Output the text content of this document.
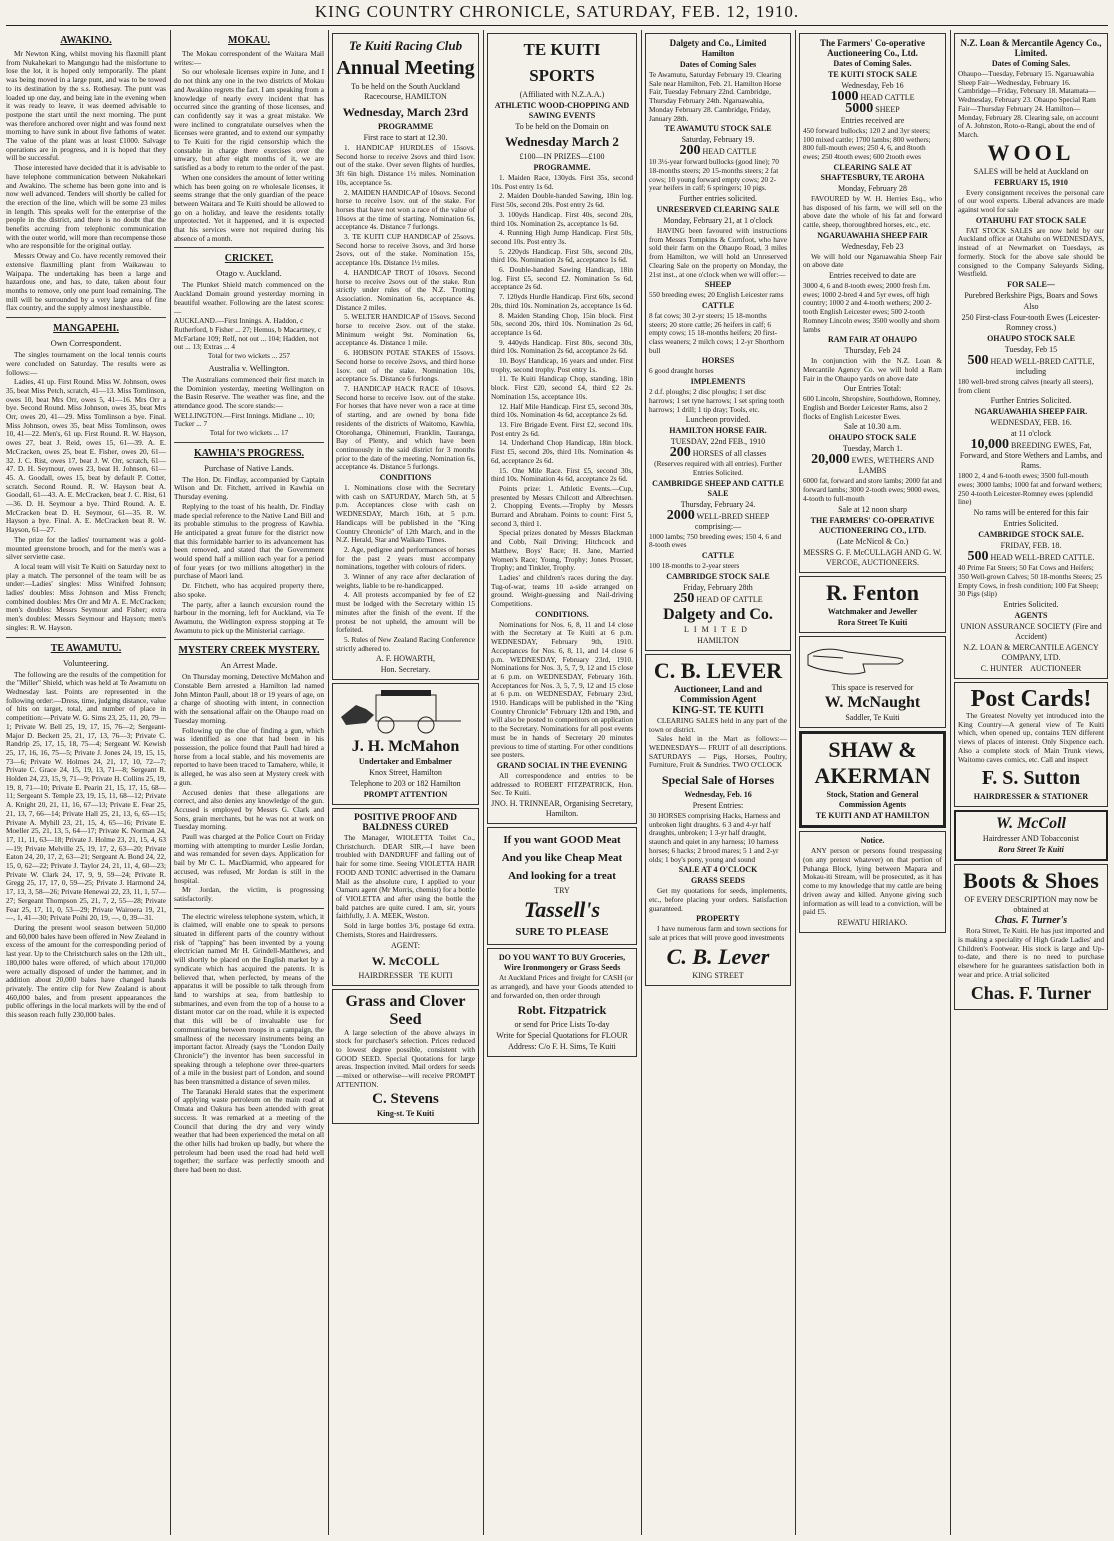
KING COUNTRY CHRONICLE, SATURDAY, FEB. 12, 1910.
AWAKINO.

Mr Newton King, whilst moving his flaxmill plant from Nukahekari to Mangungu had the misfortune to lose the lot, it is hoped only temporarily. The plant was being moved in a large punt, and was to be towed to its destination by the s.s. Rothesay. The punt was loaded up one day, and being late in the evening when it was ready to leave, it was deemed advisable to postpone the start until the next morning. The punt was therefore anchored over night and was found next morning to have sunk in about five fathoms of water. The value of the plant was at least £1000. Salvage operations are in progress, and it is hoped that they will be successful.

Those interested have decided that it is advisable to have telephone communication between Nukahekari and Awakino. The scheme has been gone into and is now well advanced. Tenders will shortly be called for the erection of the line, which will be some 23 miles in length. This speaks well for the enterprise of the people in the district, and there is no doubt that the benefits accruing from telephonic communication with the outer world, will more than recompense those who are responsible for the original outlay.

Messrs Otway and Co. have recently removed their extensive flaxmilling plant from Waikawau to Waipapa. The undertaking has been a large and hazardous one, and has, to date, taken about four months to remove, only one punt load remaining. The mill will be surrounded by a very large area of fine flax country, and the supply almost inexhaustible.

MANGAPEHI.
Own Correspondent.

The singles tournament on the local tennis courts were concluded on Saturday. The results were as follows:—

Ladies, 41 up. First Round. Miss W. Johnson, owes 35, beat Miss Petch, scratch, 41—13. Miss Tomlinson, owes 10, beat Mrs Orr, owes 5, 41—16. Mrs Orr a bye. Second Round. Miss Johnson, owes 35, beat Mrs Orr, owes 20, 41—29. Miss Tomlinson a bye. Final. Miss Johnson, owes 35, beat Miss Tomlinson, owes 10, 41—22. Men's, 61 up. First Round. R. W. Hayson, owes 27, beat J. Reid, owes 15, 61—39. A. E. McCracken, owes 25, beat E. Fisher, owes 20, 61—32. J. C. Rist, owes 17, beat J. W. Orr, scratch, 61—47. D. H. Seymour, owes 23, beat H. Johnson, 61—45. A. Goodall, owes 15, beat by default P. Cotter, scratch. Second Round. R. W. Hayson beat A. Goodall, 61—43. A. E. McCracken, beat J. C. Rist, 61—36. D. H. Seymour a bye. Third Round. A. E. McCracken beat D. H. Seymour, 61—35. R. W. Hayson a bye. Final. A. E. McCracken beat R. W. Hayson, 61—27.

The prize for the ladies' tournament was a gold-mounted greenstone brooch, and for the men's was a silver serviette case.

A local team will visit Te Kuiti on Saturday next to play a match. The personnel of the team will be as under:—Ladies' singles: Miss Winifred Johnson; ladies' doubles: Miss Johnson and Miss French; combined doubles: Mrs Orr and Mr A. E. McCracken; men's doubles: Messrs Seymour and Fisher; extra men's doubles: Messrs Seymour and Hayson; men's singles: R. W. Hayson.

TE AWAMUTU.
Volunteering.

The following are the results of the competition for the "Miller" Shield, which was held at Te Awamutu on Wednesday last. Points are represented in the following order:—Dress, time, judging distance, value of hits on target, total, and number of place in competition:—Private W. G. Sims 23, 25, 11, 20, 79—1; Private W. Bell 25, 19, 17, 15, 76—2; Sergeant-Major D. Beckett 25, 21, 17, 13, 76—3; Private C. Randrip 25, 17, 15, 18, 75—4; Sergeant W. Kewish 25, 17, 16, 16, 75—5; Private J. Jones 24, 19, 15, 15, 73—6; Private W. Holmes 24, 21, 17, 10, 72—7; Private C. Grace 24, 15, 19, 13, 71—8; Sergeant R. Holden 24, 23, 15, 9, 71—9; Private H. Collins 25, 19, 19, 8, 71—10; Private E. Pearin 21, 15, 17, 15, 68—11; Sergeant S. Temple 23, 19, 15, 11, 68—12; Private A. Knight 20, 21, 11, 16, 67—13; Private E. Fear 25, 21, 13, 7, 66—14; Private Hall 25, 21, 13, 6, 65—15; Private A. Myhill 23, 21, 15, 4, 65—16; Private E. Moeller 25, 21, 13, 5, 64—17; Private K. Norman 24, 17, 11, 11, 63—18; Private J. Holme 23, 21, 15, 4, 63—19; Private Melville 25, 19, 17, 2, 63—20; Private Eaton 24, 20, 17, 2, 63—21; Sergeant A. Bond 24, 22, 15, 0, 62—22; Private J. Taylor 24, 21, 11, 4, 60—23; Private W. Clark 24, 17, 9, 9, 59—24; Private R. Gregg 25, 17, 17, 0, 59—25; Private J. Harmond 24, 17, 13, 3, 58—26; Private Henewai 22, 23, 11, 1, 57—27; Sergeant Thompson 25, 21, 7, 2, 55—28; Private Fear 25, 17, 11, 0, 53—29; Private Wairoera 19, 21, —, 1, 41—30; Private Poihi 20, 19, —, 0, 39—31.

During the present wool season between 50,000 and 60,000 bales have been offered in New Zealand in excess of the amount for the corresponding period of last year. Up to the Christchurch sales on the 12th ult., 180,000 bales were offered, of which about 170,000 were actually disposed of under the hammer, and in addition about 20,000 bales have changed hands privately. The entire clip for New Zealand is about 460,000 bales, and from present appearances the public offerings in the local markets will by the end of this season reach fully 230,000 bales.

MOKAU.

The Mokau correspondent of the Waitara Mail writes:—

So our wholesale licenses expire in June, and I do not think any one in the two districts of Mokau and Awakino regrets the fact. I am speaking from a knowledge of nearly every incident that has occurred since the granting of those licenses, and can confidently say it was a great mistake. We were inclined to congratulate ourselves when the licenses were granted, and to extend our sympathy to Te Kuiti for the rigid censorship which the constable in charge there exercises over the unwary, but after eight months of it, we are satisfied as a body to return to the order of the past.

When one considers the amount of letter writing which has been going on re wholesale licenses, it seems strange that the only guardian of the peace between Waitara and Te Kuiti should be allowed to go on a holiday, and leave the residents totally unprotected. Yet it happened, and it is expected that his services were not required during his absence of a month.

CRICKET.
Otago v. Auckland.

The Plunket Shield match commenced on the Auckland Domain ground yesterday morning in beautiful weather. Following are the latest scores:—

AUCKLAND.—First Innings. A. Haddon, c Rutherford, b Fisher ... 27; Hemus, b Macartney, c McFarlane 109; Relf, not out ... 104; Hadden, not out ... 13; Extras ... 4

Total for two wickets ... 257

Australia v. Wellington.

The Australians commenced their first match in the Dominion yesterday, meeting Wellington on the Basin Reserve. The weather was fine, and the attendance good. The score stands:—

WELLINGTON.—First Innings. Midlane ... 10; Tucker ... 7

Total for two wickets ... 17

KAWHIA'S PROGRESS.
Purchase of Native Lands.

The Hon. Dr. Findlay, accompanied by Captain Wilson and Dr. Fitchett, arrived in Kawhia on Thursday evening.

Replying to the toast of his health, Dr. Findlay made special reference to the Native Land Bill and its probable stimulus to the progress of Kawhia. He anticipated a great future for the district now that this formidable barrier to its advancement has been removed, and stated that the Government would spend half a million each year for a period of four years (or two millions altogether) in the purchase of Maori land.

Dr. Fitchett, who has acquired property there, also spoke.

The party, after a launch excursion round the harbour in the morning, left for Auckland, via Te Awamutu, the Wellington express stopping at Te Awamutu to pick up the Ministerial carriage.

MYSTERY CREEK MYSTERY.
An Arrest Made.

On Thursday morning, Detective McMahon and Constable Bern arrested a Hamilton lad named John Minton Paull, about 18 or 19 years of age, on a charge of shooting with intent, in connection with the sensational affair on the Ohaupo road on Tuesday morning.

Following up the clue of finding a gun, which was identified as one that had been in his possession, the police found that Paull had hired a horse from a local stable, and his movements are reported to have been traced to Tamahere, while, it is alleged, he was also seen at Mystery creek with a gun.

Accused denies that these allegations are correct, and also denies any knowledge of the gun. Accused is employed by Messrs G. Clark and Sons, grain merchants, but he was not at work on Tuesday morning.

Paull was charged at the Police Court on Friday morning with attempting to murder Leslie Jordan, and was remanded for seven days. Application for bail by Mr C. L. MacDiarmid, who appeared for accused, was refused, Mr Jordan is still in the hospital.

Mr Jordan, the victim, is progressing satisfactorily.

The electric wireless telephone system, which, it is claimed, will enable one to speak to persons situated in different parts of the country without risk of "tapping" has been invented by a young electrician named Mr H. Grindell-Matthews, and will shortly be placed on the English market by a syndicate which has acquired the patents. It is believed that, when perfected, by means of the apparatus it will be possible to talk through from land to warships at sea, from battleship to submarines, and even from the top of a house to a distant motor car on the road, while it is expected that this will be of invaluable use for communicating between troops in a campaign, the smallness of the necessary instruments being an important factor. Already (says the "London Daily Chronicle") the inventor has been successful in speaking through a telephone over three-quarters of a mile in the busiest part of London, and sound has been transmitted a distance of seven miles.

The Taranaki Herald states that the experiment of applying waste petroleum on the main road at Omata and Oakura has been attended with great success. It was remarked at a meeting of the Council that during the dry and very windy weather that had been experienced the metal on all the other hills had broken up badly, but where the petroleum had been used the road had held well together; the surface was perfectly smooth and there had been no dust.

Te Kuiti Racing Club
Annual Meeting
To be held on the South Auckland Racecourse, HAMILTON
Wednesday, March 23rd
PROGRAMME
First race to start at 12.30.

1. HANDICAP HURDLES of 15sovs. Second horse to receive 2sovs and third 1sov. out of the stake. Over seven flights of hurdles, 3ft 6in high. Distance 1½ miles. Nomination 10s, acceptance 5s.

2. MAIDEN HANDICAP of 10sovs. Second horse to receive 1sov. out of the stake. For horses that have not won a race of the value of 10sovs at the time of starting. Nomination 6s, acceptance 4s. Distance 7 furlongs.

3. TE KUITI CUP HANDICAP of 25sovs. Second horse to receive 3sovs, and 3rd horse 2sovs, out of the stake. Nomination 15s, acceptance 10s. Distance 1½ miles.

4. HANDICAP TROT of 10sovs. Second horse to receive 2sovs out of the stake. Run strictly under rules of the N.Z. Trotting Association. Nomination 6s, acceptance 4s. Distance 2 miles.

5. WELTER HANDICAP of 15sovs. Second horse to receive 2sov. out of the stake. Minimum weight 9st. Nomination 6s, acceptance 4s. Distance 1 mile.

6. HOBSON POTAE STAKES of 15sovs. Second horse to receive 2sovs, and third horse 1sov. out of the stake. Nomination 10s, acceptance 5s. Distance 6 furlongs.

7. HANDICAP HACK RACE of 10sovs. Second horse to receive 1sov. out of the stake. For horses that have never won a race at time of starting, and are owned by bona fide residents of the districts of Waitomo, Kawhia, Otorohanga, Ohinemuri, Franklin, Tauranga, Bay of Plenty, and which have been continuously in the said district for 3 months prior to the date of the meeting. Nomination 6s, acceptance 4s. Distance 5 furlongs.

CONDITIONS

1. Nominations close with the Secretary with cash on SATURDAY, March 5th, at 5 p.m. Acceptances close with cash on WEDNESDAY, March 16th, at 5 p.m. Handicaps will be published in the "King Country Chronicle" of 12th March, and in the N.Z. Herald, Star and Waikato Times.

2. Age, pedigree and performances of horses for the past 2 years must accompany nominations, together with colours of riders.

3. Winner of any race after declaration of weights, liable to be re-handicapped.

4. All protests accompanied by fee of £2 must be lodged with the Secretary within 15 minutes after the finish of the event. If the protest be not upheld, the amount will be forfeited.

5. Rules of New Zealand Racing Conference strictly adhered to.

A. F. HOWARTH,
Hon. Secretary.
J. H. McMahon
Undertaker and Embalmer
Knox Street, Hamilton
Telephone to 203 or 182 Hamilton
PROMPT ATTENTION
POSITIVE PROOF AND BALDNESS CURED

The Manager, WIOLETTA Toilet Co., Christchurch. DEAR SIR,—I have been troubled with DANDRUFF and falling out of hair for some time. Seeing VIOLETTA HAIR FOOD AND TONIC advertised in the Oamaru Mail as the absolute cure, I applied to your Oamaru agent (Mr Morris, chemist) for a bottle of VIOLETTA and after using the bottle the bald patches are quite cured. I am, sir, yours faithfully, J. A. MEEK, Weston.

Sold in large bottles 3/6, postage 6d extra. Chemists, Stores and Hairdressers.

AGENT:
W. McCOLL
HAIRDRESSER TE KUITI
Grass and Clover Seed

A large selection of the above always in stock for purchaser's selection. Prices reduced to lowest degree possible, consistent with GOOD SEED. Special Quotations for large areas. Inspection invited. Mail orders for seeds—mixed or otherwise—will receive PROMPT ATTENTION.

C. Stevens
King-st. Te Kuiti
TE KUITI SPORTS
(Affiliated with N.Z.A.A.)
ATHLETIC WOOD-CHOPPING AND SAWING EVENTS
To be held on the Domain on
Wednesday March 2
£100—IN PRIZES—£100
PROGRAMME.

1. Maiden Race, 130yds. First 35s, second 10s. Post entry 1s 6d.

2. Maiden Double-handed Sawing, 18in log. First 50s, second 20s. Post entry 2s 6d.

3. 100yds Handicap. First 40s, second 20s, third 10s. Nomination 2s, acceptance 1s 6d.

4. Running High Jump Handicap. First 50s, second 10s. Post entry 3s.

5. 220yds Handicap. First 50s, second 20s, third 10s. Nomination 2s 6d, acceptance 1s 6d.

6. Double-handed Sawing Handicap, 18in log. First £5, second £2. Nomination 5s 6d, acceptance 2s 6d.

7. 120yds Hurdle Handicap. First 60s, second 20s, third 10s. Nomination 2s, acceptance 1s 6d.

8. Maiden Standing Chop, 15in block. First 50s, second 20s, third 10s. Nomination 2s 6d, acceptance 1s 6d.

9. 440yds Handicap. First 80s, second 30s, third 10s. Nomination 2s 6d, acceptance 2s 6d.

10. Boys' Handicap, 16 years and under. First trophy, second trophy. Post entry 1s.

11. Te Kuiti Handicap Chop, standing, 18in block. First £20, second £4, third £2 2s. Nomination 15s, acceptance 10s.

12. Half Mile Handicap. First £5, second 30s, third 10s. Nomination 4s 6d, acceptance 2s 6d.

13. Fire Brigade Event. First £2, second 10s. Post entry 2s 6d.

14. Underhand Chop Handicap, 18in block. First £5, second 20s, third 10s. Nomination 4s 6d, acceptance 2s 6d.

15. One Mile Race. First £5, second 30s, third 10s. Nomination 4s 6d, acceptance 2s 6d.

Points prize: 1. Athletic Events.—Cup, presented by Messrs Chilcott and Albrechtsen. 2. Chopping Events.—Trophy by Messrs Burrard and Abraham. Points to count: First 5, second 3, third 1.

Special prizes donated by Messrs Blackman and Cobb, Nail Driving; Hitchcock and Matthew, Boys' Race; H. Jane, Married Women's Race; Young, Trophy; Jones Prosser, Trophy; and Tinkler, Trophy.

Ladies' and children's races during the day. Tug-of-war, teams 10 a-side arranged on ground. Weight-guessing and Nail-driving Competitions.

CONDITIONS.

Nominations for Nos. 6, 8, 11 and 14 close with the Secretary at Te Kuiti at 6 p.m. WEDNESDAY, February 9th, 1910. Acceptances for Nos. 6, 8, 11, and 14 close 6 p.m. WEDNESDAY, February 23rd, 1910. Nominations for Nos. 3, 5, 7, 9, 12 and 15 close at 6 p.m. on WEDNESDAY, February 16th. Acceptances for Nos. 3, 5, 7, 9, 12 and 15 close at 6 p.m. on WEDNESDAY, February 23rd, 1910. Handicaps will be published in the "King Country Chronicle" February 12th and 19th, and will also be posted to competitors on application to the Secretary. Nominations for all post events must be in hands of Secretary 20 minutes previous to time of starting. For other conditions see posters.

GRAND SOCIAL IN THE EVENING

All correspondence and entries to be addressed to ROBERT FITZPATRICK, Hon. Sec. Te Kuiti.

JNO. H. TRINNEAR, Organising Secretary, Hamilton.
If you want GOOD Meat
And you like Cheap Meat
And looking for a treat
TRY
Tassell's
SURE TO PLEASE
DO YOU WANT TO BUY Groceries, Wire Ironmongery or Grass Seeds

At Auckland Prices and freight for CASH (or as arranged), and have your Goods attended to and forwarded on, then order through

Robt. Fitzpatrick
or send for Price Lists To-day
Write for Special Quotations for FLOUR
Address: C/o F. H. Sims, Te Kuiti
Dalgety and Co., Limited
Hamilton
Dates of Coming Sales

Te Awamutu, Saturday February 19. Clearing Sale near Hamilton, Feb. 21. Hamilton Horse Fair, Tuesday February 22nd. Cambridge, Thursday February 24th. Ngaruawahia, Monday February 28. Cambridge, Friday, January 28th.

TE AWAMUTU STOCK SALE
Saturday, February 19.
200 HEAD CATTLE

10 3½-year forward bullocks (good line); 70 18-months steers; 20 15-months steers; 2 fat cows; 10 young forward empty cows; 20 2-year heifers in calf; 6 springers; 10 pigs.

Further entries solicited.
UNRESERVED CLEARING SALE
Monday, February 21, at 1 o'clock

HAVING been favoured with instructions from Messrs Tompkins & Cornfoot, who have sold their farm on the Ohaupo Road, 3 miles from Hamilton, we will hold an Unreserved Clearing Sale on the property on Monday, the 21st inst., at one o'clock when we will offer:—

SHEEP

550 breeding ewes; 20 English Leicester rams

CATTLE

8 fat cows; 30 2-yr steers; 15 18-months steers; 20 store cattle; 26 heifers in calf; 6 empty cows; 15 18-months heifers; 20 first-class weaners; 2 milch cows; 1 2-yr Shorthorn bull

HORSES

6 good draught horses

IMPLEMENTS

2 d.f. ploughs; 2 disc ploughs; 1 set disc harrows; 1 set tyne harrows; 1 set spring tooth harrows; 1 drill; 1 tip dray; Tools, etc.

Luncheon provided.
HAMILTON HORSE FAIR.
TUESDAY, 22nd FEB., 1910
200 HORSES of all classes

(Reserves required with all entries). Further Entries Solicited.

CAMBRIDGE SHEEP AND CATTLE SALE
Thursday, February 24.
2000 WELL-BRED SHEEP comprising:—

1000 lambs; 750 breeding ewes; 150 4, 6 and 8-tooth ewes

CATTLE

100 18-months to 2-year steers

CAMBRIDGE STOCK SALE
Friday, February 28th
250 HEAD OF CATTLE
Dalgety and Co.
LIMITED
HAMILTON
C. B. LEVER
Auctioneer, Land and Commission Agent
KING-ST. TE KUITI

CLEARING SALES held in any part of the town or district.

Sales held in the Mart as follows:— WEDNESDAYS— FRUIT of all descriptions. SATURDAYS — Pigs, Horses, Poultry, Furniture, Fruit & Sundries. TWO O'CLOCK

Special Sale of Horses
Wednesday, Feb. 16
Present Entries:

30 HORSES comprising Hacks, Harness and unbroken light draughts. 6 3 and 4-yr half draughts, unbroken; 1 3-yr half draught, staunch and quiet in any harness; 10 harness horses; 6 hacks; 2 brood mares; 5 1 and 2-yr olds; 1 boy's pony, young and sound

SALE AT 4 O'CLOCK
GRASS SEEDS

Get my quotations for seeds, implements, etc., before placing your orders. Satisfaction guaranteed.

PROPERTY

I have numerous farm and town sections for sale at prices that will prove good investments

C. B. Lever
KING STREET
The Farmers' Co-operative Auctioneering Co., Ltd.
Dates of Coming Sales.
TE KUITI STOCK SALE
Wednesday, Feb 16
1000 HEAD CATTLE
5000 SHEEP
Entries received are

450 forward bullocks; 120 2 and 3yr steers; 100 mixed cattle; 1700 lambs; 800 wethers; 800 full-mouth ewes; 250 4, 6, and 8tooth ewes; 250 4tooth ewes; 600 2tooth ewes

CLEARING SALE AT SHAFTESBURY, TE AROHA
Monday, February 28

FAVOURED by W. H. Herries Esq., who has disposed of his farm, we will sell on the above date the whole of his fat and forward cattle, sheep, thoroughbred horses, etc., etc.

NGARUAWAHIA SHEEP FAIR
Wednesday, Feb 23

We will hold our Ngaruawahia Sheep Fair on above date

Entries received to date are

3000 4, 6 and 8-tooth ewes; 2000 fresh f.m. ewes; 1000 2-bred 4 and 5yr ewes, off high country; 1000 2 and 4-tooth wethers; 200 2-tooth English Leicester ewes; 500 2-tooth Romney Lincoln ewes; 3500 woolly and shorn lambs

RAM FAIR AT OHAUPO
Thursday, Feb 24

In conjunction with the N.Z. Loan & Mercantile Agency Co. we will hold a Ram Fair in the Ohaupo yards on above date

Our Entries Total:

600 Lincoln, Shropshire, Southdown, Romney, English and Border Leicester Rams, also 2 flocks of English Leicester Ewes.

Sale at 10.30 a.m.
OHAUPO STOCK SALE
Tuesday, March 1.
20,000 EWES, WETHERS AND LAMBS

6000 fat, forward and store lambs; 2000 fat and forward lambs; 3000 2-tooth ewes; 9000 ewes, 4-tooth to full-mouth

Sale at 12 noon sharp
THE FARMERS' CO-OPERATIVE AUCTIONEERING CO., LTD.
(Late McNicol & Co.)
MESSRS G. F. McCULLAGH AND G. W. VERCOE, AUCTIONEERS.
R. Fenton
Watchmaker and Jeweller
Rora Street Te Kuiti
This space is reserved for
W. McNaught
Saddler, Te Kuiti
SHAW &
AKERMAN
Stock, Station and General Commission Agents
TE KUITI AND AT HAMILTON
Notice.

ANY person or persons found trespassing (on any pretext whatever) on that portion of Puhanga Block, lying between Mapara and Mokau-iti Stream, will be prosecuted, as it has come to my knowledge that my cattle are being driven away and killed. Anyone giving such information as will lead to a conviction, will be paid £5.

REWATU HIRIAKO.
N.Z. Loan & Mercantile Agency Co., Limited.
Dates of Coming Sales.

Ohaupo—Tuesday, February 15. Ngaruawahia Sheep Fair—Wednesday, February 16. Cambridge—Friday, February 18. Matamata—Wednesday, February 23. Ohaupo Special Ram Fair—Thursday February 24. Hamilton—Monday, February 28. Clearing sale, on account of A. Johnston, Roto-o-Rangi, about the end of March.

WOOL
SALES will be held at Auckland on
FEBRUARY 15, 1910

Every consignment receives the personal care of our wool experts. Liberal advances are made against wool for sale

OTAHUHU FAT STOCK SALE

FAT STOCK SALES are now held by our Auckland office at Otahuhu on WEDNESDAYS, instead of at Newmarket on Tuesdays, as formerly. Stock for the above sale should be consigned to the Company Saleyards Siding, Westfield.

FOR SALE—
Purebred Berkshire Pigs, Boars and Sows
Also
250 First-class Four-tooth Ewes (Leicester-Romney cross.)
OHAUPO STOCK SALE
Tuesday, Feb 15
500 HEAD WELL-BRED CATTLE, including

180 well-bred strong calves (nearly all steers), from client

Further Entries Solicited.
NGARUAWAHIA SHEEP FAIR.
WEDNESDAY, FEB. 16.
at 11 o'clock
10,000 BREEDING EWES, Fat, Forward, and Store Wethers and Lambs, and Rams.

1800 2, 4 and 6-tooth ewes; 3500 full-mouth ewes; 3000 lambs; 1000 fat and forward wethers; 250 4-tooth Leicester-Romney ewes (splendid line)

No rams will be entered for this fair
Entries Solicited.
CAMBRIDGE STOCK SALE.
FRIDAY, FEB. 18.
500 HEAD WELL-BRED CATTLE.

40 Prime Fat Steers; 50 Fat Cows and Heifers; 350 Well-grown Calves; 50 18-months Steers; 25 Empty Cows, in fresh condition; 100 Fat Sheep; 30 Pigs (slip)

Entries Solicited.
AGENTS
UNION ASSURANCE SOCIETY (Fire and Accident)
N.Z. LOAN & MERCANTILE AGENCY COMPANY, LTD.
C. HUNTER AUCTIONEER
Post Cards!

The Greatest Novelty yet introduced into the King Country—A general view of Te Kuiti which, when opened up, contains TEN different views of places of interest. Only Sixpence each. Also a complete stock of Main Trunk views, Waitomo caves comics, etc. Call and inspect

F. S. Sutton
HAIRDRESSER & STATIONER
W. McColl
Hairdresser AND Tobacconist
Rora Street Te Kuiti
Boots & Shoes
OF EVERY DESCRIPTION may now be obtained at
Chas. F. Turner's

Rora Street, Te Kuiti. He has just imported and is making a speciality of High Grade Ladies' and Children's Footwear. His stock is large and Up-to-date, and there is no need to purchase elsewhere for he guarantees satisfaction both in wear and price. A trial solicited

Chas. F. Turner
